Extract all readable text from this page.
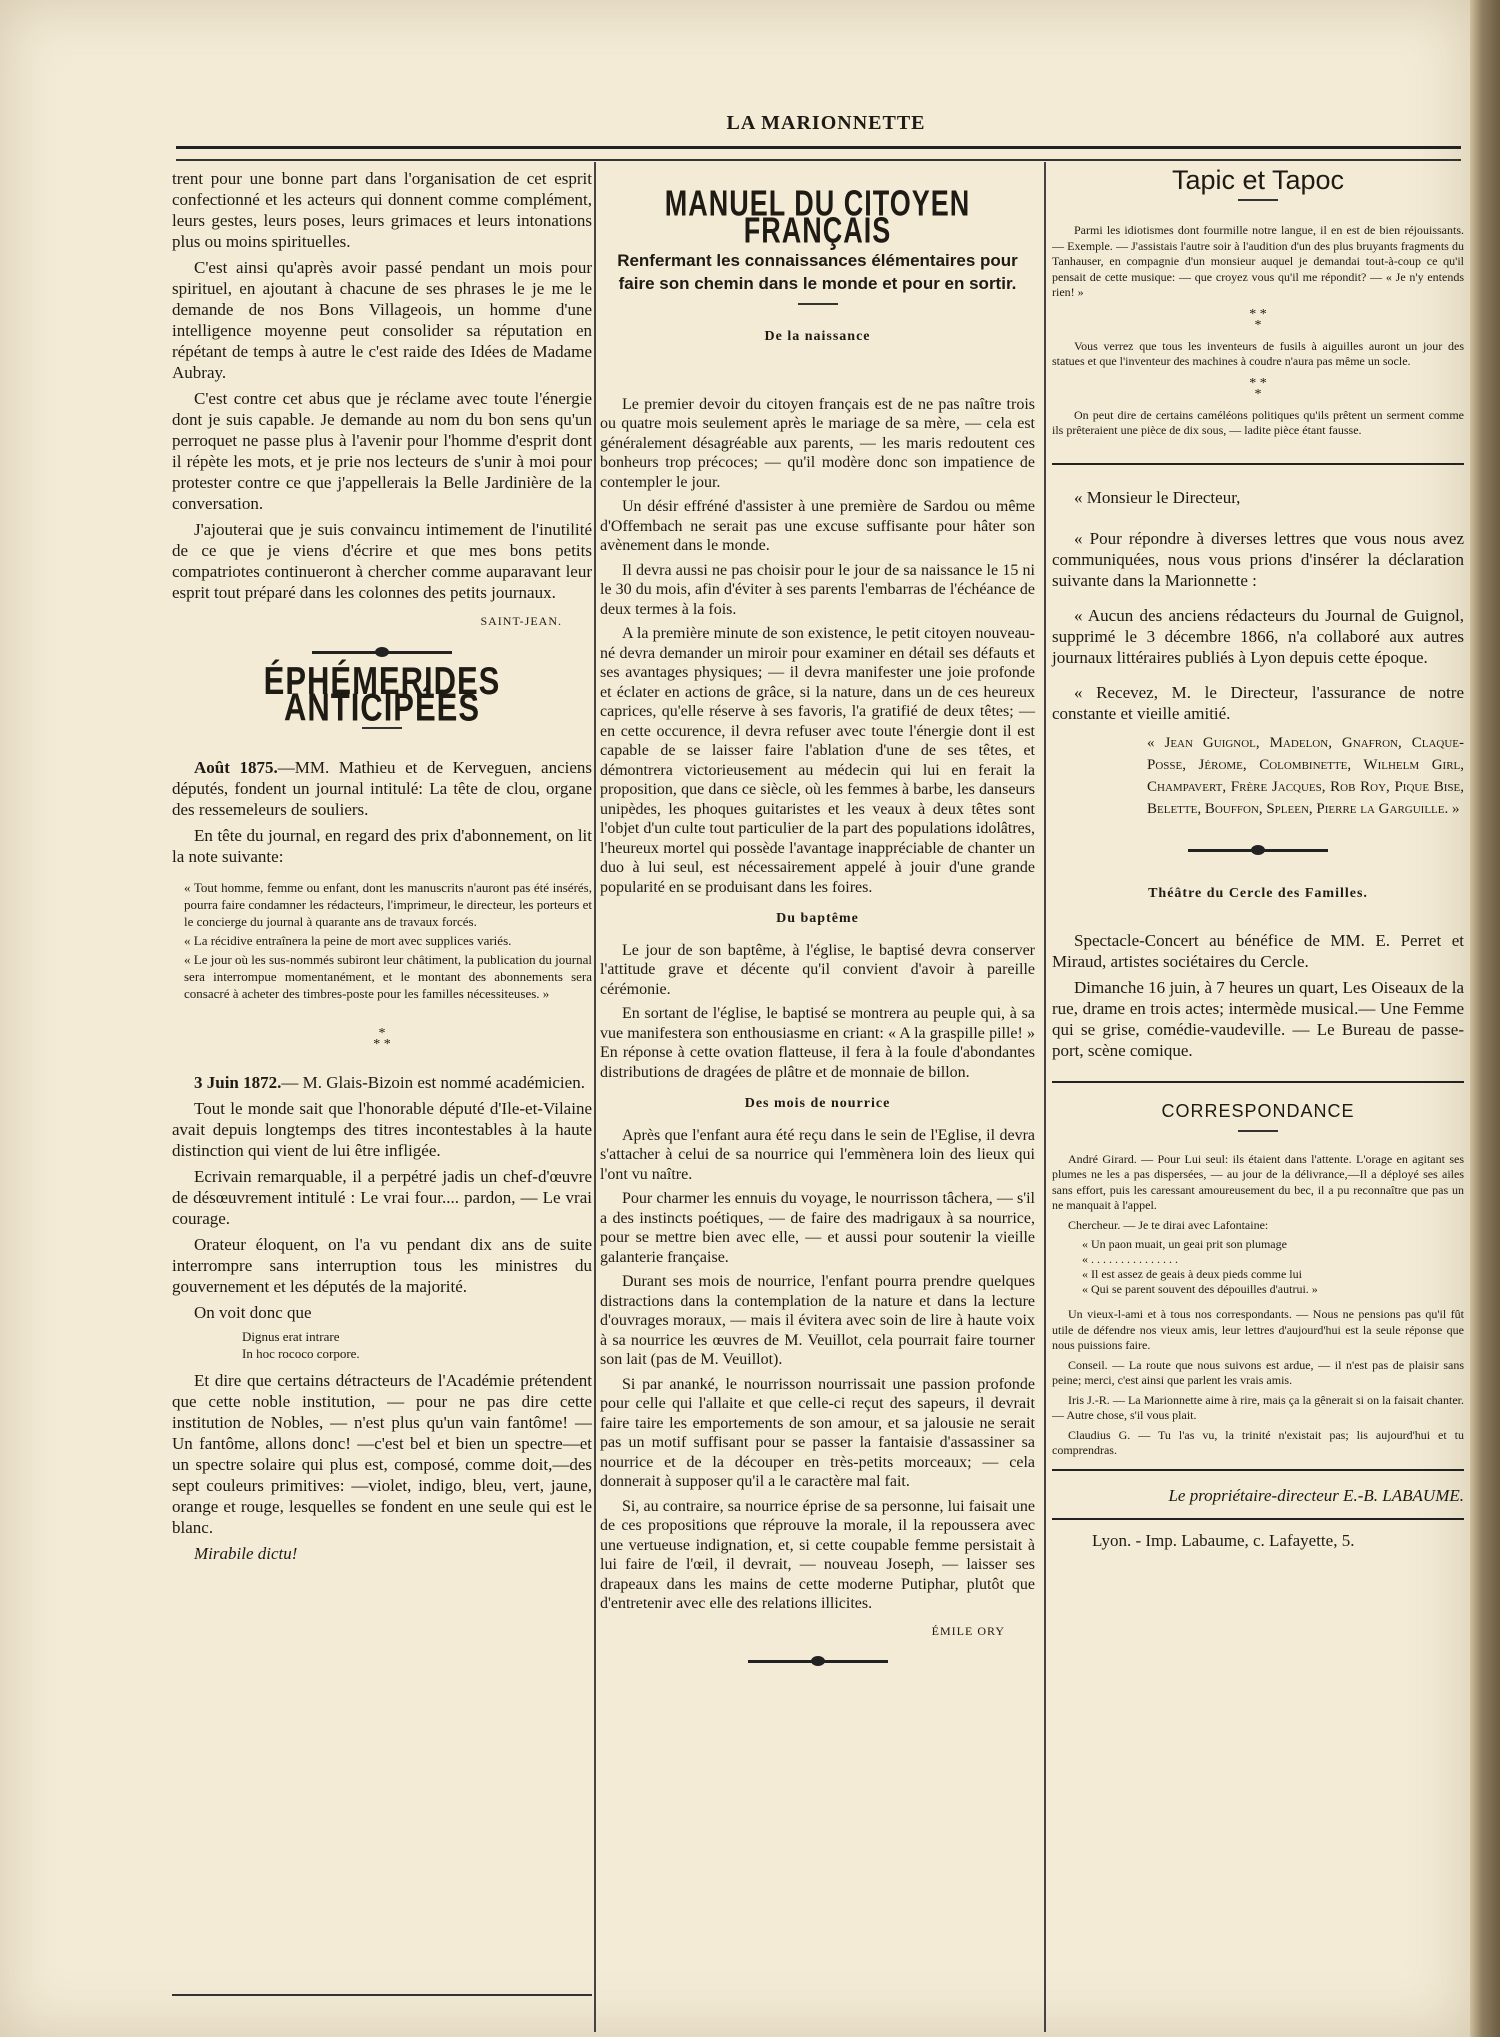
LA MARIONNETTE

trent pour une bonne part dans l'organisation de cet esprit confectionné et les acteurs qui donnent comme complément, leurs gestes, leurs poses, leurs grimaces et leurs intonations plus ou moins spirituelles.

C'est ainsi qu'après avoir passé pendant un mois pour spirituel, en ajoutant à chacune de ses phrases le je me le demande de nos Bons Villageois, un homme d'une intelligence moyenne peut consolider sa réputation en répétant de temps à autre le c'est raide des Idées de Madame Aubray.

C'est contre cet abus que je réclame avec toute l'énergie dont je suis capable. Je demande au nom du bon sens qu'un perroquet ne passe plus à l'avenir pour l'homme d'esprit dont il répète les mots, et je prie nos lecteurs de s'unir à moi pour protester contre ce que j'appellerais la Belle Jardinière de la conversation.

J'ajouterai que je suis convaincu intimement de l'inutilité de ce que je viens d'écrire et que mes bons petits compatriotes continueront à chercher comme auparavant leur esprit tout préparé dans les colonnes des petits journaux.

SAINT-JEAN.
ÉPHÉMERIDES ANTICIPÉES

Août 1875.—MM. Mathieu et de Kerveguen, anciens députés, fondent un journal intitulé: La tête de clou, organe des ressemeleurs de souliers.

En tête du journal, en regard des prix d'abonnement, on lit la note suivante:

« Tout homme, femme ou enfant, dont les manuscrits n'auront pas été insérés, pourra faire condamner les rédacteurs, l'imprimeur, le directeur, les porteurs et le concierge du journal à quarante ans de travaux forcés.

« La récidive entraînera la peine de mort avec supplices variés.

« Le jour où les sus-nommés subiront leur châtiment, la publication du journal sera interrompue momentanément, et le montant des abonnements sera consacré à acheter des timbres-poste pour les familles nécessiteuses. »

*
* *

3 Juin 1872.— M. Glais-Bizoin est nommé académicien.

Tout le monde sait que l'honorable député d'Ile-et-Vilaine avait depuis longtemps des titres incontestables à la haute distinction qui vient de lui être infligée.

Ecrivain remarquable, il a perpétré jadis un chef-d'œuvre de désœuvrement intitulé : Le vrai four.... pardon, — Le vrai courage.

Orateur éloquent, on l'a vu pendant dix ans de suite interrompre sans interruption tous les ministres du gouvernement et les députés de la majorité.

On voit donc que

Dignus erat intrare

In hoc rococo corpore.

Et dire que certains détracteurs de l'Académie prétendent que cette noble institution, — pour ne pas dire cette institution de Nobles, — n'est plus qu'un vain fantôme! — Un fantôme, allons donc! —c'est bel et bien un spectre—et un spectre solaire qui plus est, composé, comme doit,—des sept couleurs primitives: —violet, indigo, bleu, vert, jaune, orange et rouge, lesquelles se fondent en une seule qui est le blanc.

Mirabile dictu!

MANUEL DU CITOYEN FRANÇAIS
Renfermant les connaissances élémentaires pour faire son chemin dans le monde et pour en sortir.
De la naissance

Le premier devoir du citoyen français est de ne pas naître trois ou quatre mois seulement après le mariage de sa mère, — cela est généralement désagréable aux parents, — les maris redoutent ces bonheurs trop précoces; — qu'il modère donc son impatience de contempler le jour.

Un désir effréné d'assister à une première de Sardou ou même d'Offembach ne serait pas une excuse suffisante pour hâter son avènement dans le monde.

Il devra aussi ne pas choisir pour le jour de sa naissance le 15 ni le 30 du mois, afin d'éviter à ses parents l'embarras de l'échéance de deux termes à la fois.

A la première minute de son existence, le petit citoyen nouveau-né devra demander un miroir pour examiner en détail ses défauts et ses avantages physiques; — il devra manifester une joie profonde et éclater en actions de grâce, si la nature, dans un de ces heureux caprices, qu'elle réserve à ses favoris, l'a gratifié de deux têtes; — en cette occurence, il devra refuser avec toute l'énergie dont il est capable de se laisser faire l'ablation d'une de ses têtes, et démontrera victorieusement au médecin qui lui en ferait la proposition, que dans ce siècle, où les femmes à barbe, les danseurs unipèdes, les phoques guitaristes et les veaux à deux têtes sont l'objet d'un culte tout particulier de la part des populations idolâtres, l'heureux mortel qui possède l'avantage inappréciable de chanter un duo à lui seul, est nécessairement appelé à jouir d'une grande popularité en se produisant dans les foires.

Du baptême

Le jour de son baptême, à l'église, le baptisé devra conserver l'attitude grave et décente qu'il convient d'avoir à pareille cérémonie.

En sortant de l'église, le baptisé se montrera au peuple qui, à sa vue manifestera son enthousiasme en criant: « A la graspille pille! » En réponse à cette ovation flatteuse, il fera à la foule d'abondantes distributions de dragées de plâtre et de monnaie de billon.

Des mois de nourrice

Après que l'enfant aura été reçu dans le sein de l'Eglise, il devra s'attacher à celui de sa nourrice qui l'emmènera loin des lieux qui l'ont vu naître.

Pour charmer les ennuis du voyage, le nourrisson tâchera, — s'il a des instincts poétiques, — de faire des madrigaux à sa nourrice, pour se mettre bien avec elle, — et aussi pour soutenir la vieille galanterie française.

Durant ses mois de nourrice, l'enfant pourra prendre quelques distractions dans la contemplation de la nature et dans la lecture d'ouvrages moraux, — mais il évitera avec soin de lire à haute voix à sa nourrice les œuvres de M. Veuillot, cela pourrait faire tourner son lait (pas de M. Veuillot).

Si par ananké, le nourrisson nourrissait une passion profonde pour celle qui l'allaite et que celle-ci reçut des sapeurs, il devrait faire taire les emportements de son amour, et sa jalousie ne serait pas un motif suffisant pour se passer la fantaisie d'assassiner sa nourrice et de la découper en très-petits morceaux; — cela donnerait à supposer qu'il a le caractère mal fait.

Si, au contraire, sa nourrice éprise de sa personne, lui faisait une de ces propositions que réprouve la morale, il la repoussera avec une vertueuse indignation, et, si cette coupable femme persistait à lui faire de l'œil, il devrait, — nouveau Joseph, — laisser ses drapeaux dans les mains de cette moderne Putiphar, plutôt que d'entretenir avec elle des relations illicites.

ÉMILE ORY
Tapic et Tapoc

Parmi les idiotismes dont fourmille notre langue, il en est de bien réjouissants. — Exemple. — J'assistais l'autre soir à l'audition d'un des plus bruyants fragments du Tanhauser, en compagnie d'un monsieur auquel je demandai tout-à-coup ce qu'il pensait de cette musique: — que croyez vous qu'il me répondit? — « Je n'y entends rien! »

* *
*

Vous verrez que tous les inventeurs de fusils à aiguilles auront un jour des statues et que l'inventeur des machines à coudre n'aura pas même un socle.

* *
*

On peut dire de certains caméléons politiques qu'ils prêtent un serment comme ils prêteraient une pièce de dix sous, — ladite pièce étant fausse.

« Monsieur le Directeur,

« Pour répondre à diverses lettres que vous nous avez communiquées, nous vous prions d'insérer la déclaration suivante dans la Marionnette :

« Aucun des anciens rédacteurs du Journal de Guignol, supprimé le 3 décembre 1866, n'a collaboré aux autres journaux littéraires publiés à Lyon depuis cette époque.

« Recevez, M. le Directeur, l'assurance de notre constante et vieille amitié.

« Jean Guignol, Madelon, Gnafron, Claque-Posse, Jérome, Colombinette, Wilhelm Girl, Champavert, Frère Jacques, Rob Roy, Pique Bise, Belette, Bouffon, Spleen, Pierre la Garguille. »

Théâtre du Cercle des Familles.

Spectacle-Concert au bénéfice de MM. E. Perret et Miraud, artistes sociétaires du Cercle.

Dimanche 16 juin, à 7 heures un quart, Les Oiseaux de la rue, drame en trois actes; intermède musical.— Une Femme qui se grise, comédie-vaudeville. — Le Bureau de passe-port, scène comique.

CORRESPONDANCE

André Girard. — Pour Lui seul: ils étaient dans l'attente. L'orage en agitant ses plumes ne les a pas dispersées, — au jour de la délivrance,—Il a déployé ses ailes sans effort, puis les caressant amoureusement du bec, il a pu reconnaître que pas un ne manquait à l'appel.

Chercheur. — Je te dirai avec Lafontaine:

« Un paon muait, un geai prit son plumage

« . . . . . . . . . . . . . . .

« Il est assez de geais à deux pieds comme lui

« Qui se parent souvent des dépouilles d'autrui. »

Un vieux-l-ami et à tous nos correspondants. — Nous ne pensions pas qu'il fût utile de défendre nos vieux amis, leur lettres d'aujourd'hui est la seule réponse que nous puissions faire.

Conseil. — La route que nous suivons est ardue, — il n'est pas de plaisir sans peine; merci, c'est ainsi que parlent les vrais amis.

Iris J.-R. — La Marionnette aime à rire, mais ça la gênerait si on la faisait chanter. — Autre chose, s'il vous plait.

Claudius G. — Tu l'as vu, la trinité n'existait pas; lis aujourd'hui et tu comprendras.

Le propriétaire-directeur E.-B. LABAUME.

Lyon. - Imp. Labaume, c. Lafayette, 5.
